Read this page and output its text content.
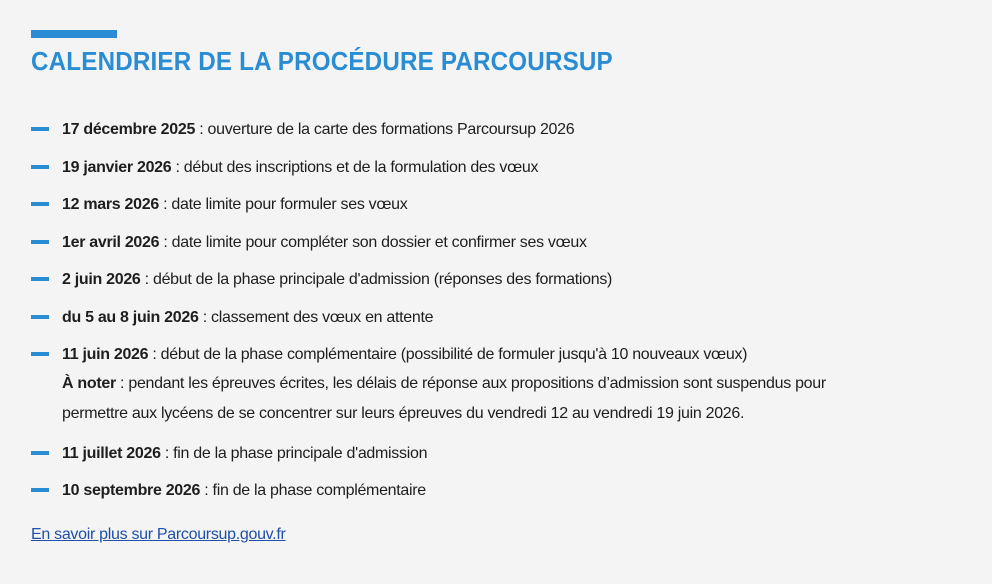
CALENDRIER DE LA PROCÉDURE PARCOURSUP
17 décembre 2025 : ouverture de la carte des formations Parcoursup 2026
19 janvier 2026 : début des inscriptions et de la formulation des vœux
12 mars 2026 : date limite pour formuler ses vœux
1er avril 2026 : date limite pour compléter son dossier et confirmer ses vœux
2 juin 2026 : début de la phase principale d'admission (réponses des formations)
du 5 au 8 juin 2026 : classement des vœux en attente
11 juin 2026 : début de la phase complémentaire (possibilité de formuler jusqu'à 10 nouveaux vœux)
À noter : pendant les épreuves écrites, les délais de réponse aux propositions d’admission sont suspendus pour
permettre aux lycéens de se concentrer sur leurs épreuves du vendredi 12 au vendredi 19 juin 2026.
11 juillet 2026 : fin de la phase principale d'admission
10 septembre 2026 : fin de la phase complémentaire
En savoir plus sur Parcoursup.gouv.fr
